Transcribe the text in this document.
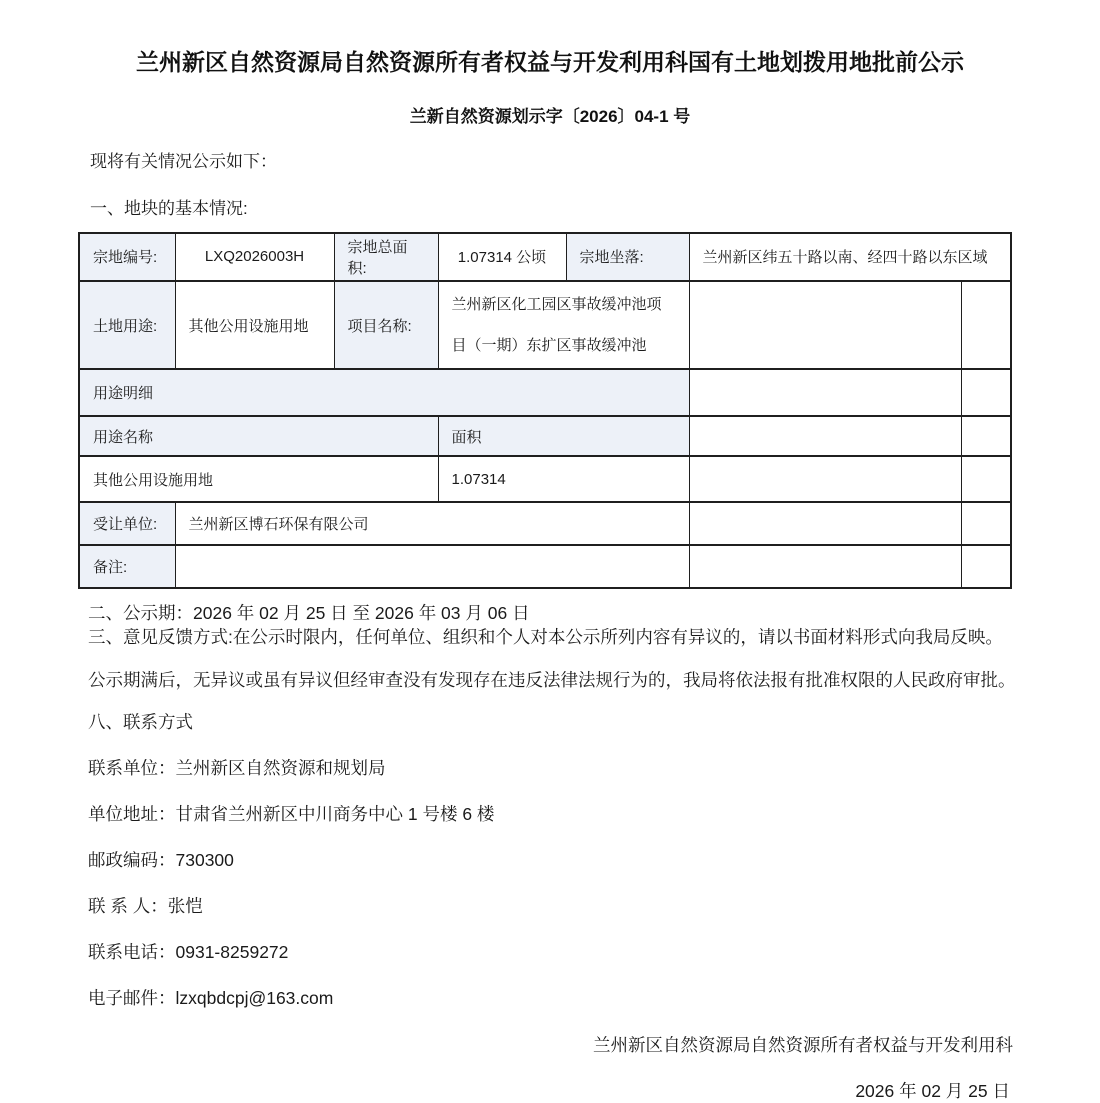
兰州新区自然资源局自然资源所有者权益与开发利用科国有土地划拨用地批前公示
兰新自然资源划示字〔2026〕04-1 号

现将有关情况公示如下：

一、地块的基本情况:

宗地编号:	LXQ2026003H	宗地总面积:	1.07314 公顷	宗地坐落:	兰州新区纬五十路以南、经四十路以东区域	
土地用途:	其他公用设施用地	项目名称:	兰州新区化工园区事故缓冲池项目（一期）东扩区事故缓冲池			
用途明细						
用途名称			面积			
其他公用设施用地			1.07314			
受让单位:	兰州新区博石环保有限公司					
备注:						

二、公示期：2026 年 02 月 25 日 至 2026 年 03 月 06 日

三、意见反馈方式:在公示时限内，任何单位、组织和个人对本公示所列内容有异议的，请以书面材料形式向我局反映。

公示期满后，无异议或虽有异议但经审查没有发现存在违反法律法规行为的，我局将依法报有批准权限的人民政府审批。

八、联系方式

联系单位：兰州新区自然资源和规划局

单位地址：甘肃省兰州新区中川商务中心 1 号楼 6 楼

邮政编码：730300

联 系 人：张恺

联系电话：0931-8259272

电子邮件：lzxqbdcpj@163.com

兰州新区自然资源局自然资源所有者权益与开发利用科

2026 年 02 月 25 日
